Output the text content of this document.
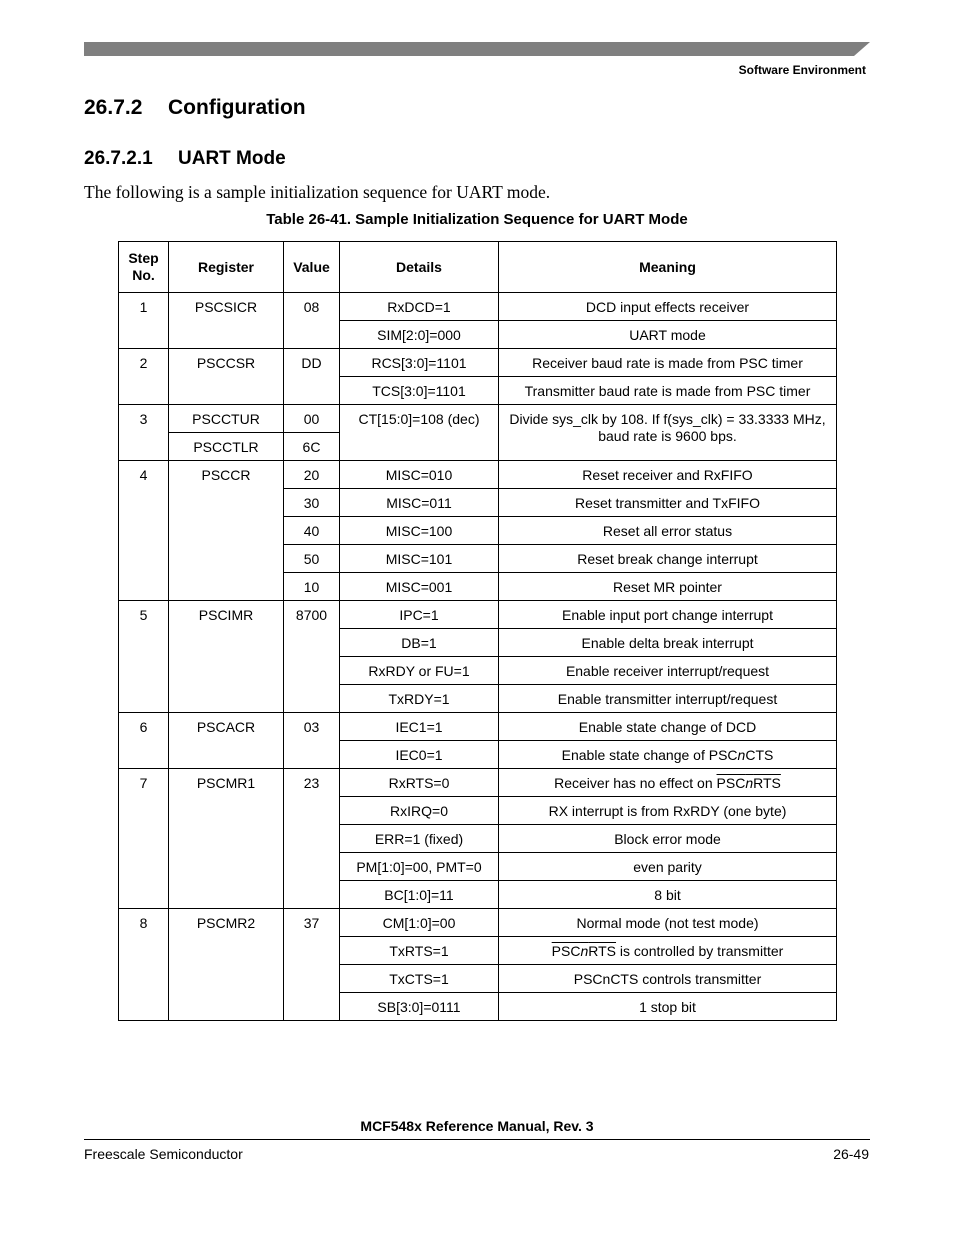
Software Environment
26.7.2 Configuration
26.7.2.1 UART Mode
The following is a sample initialization sequence for UART mode.
Table 26-41. Sample Initialization Sequence for UART Mode
Step
No.	Register	Value	Details	Meaning
1	PSCSICR	08	RxDCD=1	DCD input effects receiver
			SIM[2:0]=000	UART mode
2	PSCCSR	DD	RCS[3:0]=1101	Receiver baud rate is made from PSC timer
			TCS[3:0]=1101	Transmitter baud rate is made from PSC timer
3	PSCCTUR	00	CT[15:0]=108 (dec)	Divide sys_clk by 108. If f(sys_clk) = 33.3333 MHz,
baud rate is 9600 bps.
	PSCCTLR	6C		
4	PSCCR	20	MISC=010	Reset receiver and RxFIFO
		30	MISC=011	Reset transmitter and TxFIFO
		40	MISC=100	Reset all error status
		50	MISC=101	Reset break change interrupt
		10	MISC=001	Reset MR pointer
5	PSCIMR	8700	IPC=1	Enable input port change interrupt
			DB=1	Enable delta break interrupt
			RxRDY or FU=1	Enable receiver interrupt/request
			TxRDY=1	Enable transmitter interrupt/request
6	PSCACR	03	IEC1=1	Enable state change of DCD
			IEC0=1	Enable state change of PSCnCTS
7	PSCMR1	23	RxRTS=0	Receiver has no effect on PSCnRTS
			RxIRQ=0	RX interrupt is from RxRDY (one byte)
			ERR=1 (fixed)	Block error mode
			PM[1:0]=00, PMT=0	even parity
			BC[1:0]=11	8 bit
8	PSCMR2	37	CM[1:0]=00	Normal mode (not test mode)
			TxRTS=1	PSCnRTS is controlled by transmitter
			TxCTS=1	PSCnCTS controls transmitter
			SB[3:0]=0111	1 stop bit
MCF548x Reference Manual, Rev. 3
Freescale Semiconductor	26-49
